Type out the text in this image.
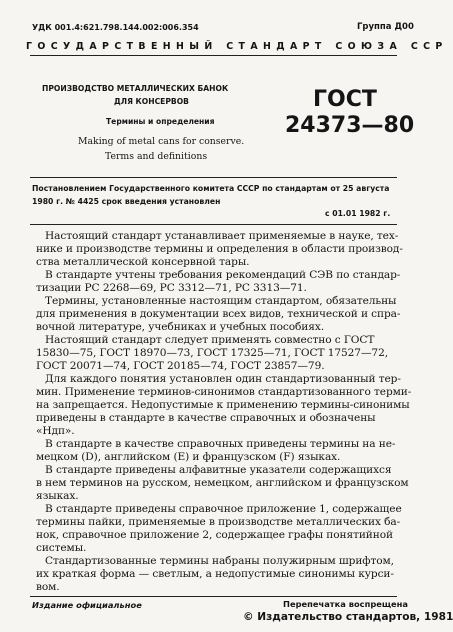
УДК 001.4:621.798.144.002:006.354	Группа Д00
ГОСУДАРСТВЕННЫЙ СТАНДАРТ СОЮЗА ССР
ПРОИЗВОДСТВО МЕТАЛЛИЧЕСКИХ БАНОК
ДЛЯ КОНСЕРВОВ
Термины и определения
Making of metal cans for conserve.
Terms and definitions
ГОСТ
24373—80
Постановлением Государственного комитета СССР по стандартам от 25 августа
1980 г. № 4425 срок введения установлен
с 01.01 1982 г.
Настоящий стандарт устанавливает применяемые в науке, тех-
нике и производстве термины и определения в области производ-
ства металлической консервной тары.
В стандарте учтены требования рекомендаций СЭВ по стандар-
тизации РС 2268—69, РС 3312—71, РС 3313—71.
Термины, установленные настоящим стандартом, обязательны
для применения в документации всех видов, технической и спра-
вочной литературе, учебниках и учебных пособиях.
Настоящий стандарт следует применять совместно с ГОСТ
15830—75, ГОСТ 18970—73, ГОСТ 17325—71, ГОСТ 17527—72,
ГОСТ 20071—74, ГОСТ 20185—74, ГОСТ 23857—79.
Для каждого понятия установлен один стандартизованный тер-
мин. Применение терминов-синонимов стандартизованного терми-
на запрещается. Недопустимые к применению термины-синонимы
приведены в стандарте в качестве справочных и обозначены
«Ндп».
В стандарте в качестве справочных приведены термины на не-
мецком (D), английском (E) и французском (F) языках.
В стандарте приведены алфавитные указатели содержащихся
в нем терминов на русском, немецком, английском и французском
языках.
В стандарте приведены справочное приложение 1, содержащее
термины пайки, применяемые в производстве металлических ба-
нок, справочное приложение 2, содержащее графы понятийной
системы.
Стандартизованные термины набраны полужирным шрифтом,
их краткая форма — светлым, а недопустимые синонимы курси-
вом.
Издание официальное	Перепечатка воспрещена
© Издательство стандартов, 1981
